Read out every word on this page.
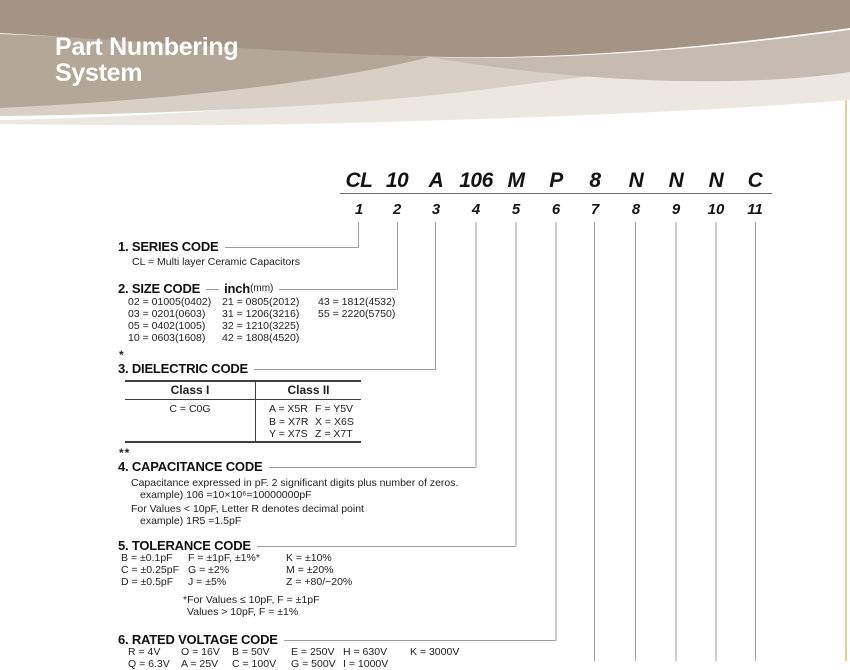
Part Numbering
System
CL 10 A 106 M P 8 N N N C
1 2 3 4 5 6 7 8 9 10 11
1. SERIES CODE
CL = Multi layer Ceramic Capacitors
2. SIZE CODE inch (mm)
02 = 01005(0402)
03 = 0201(0603)
05 = 0402(1005)
10 = 0603(1608)
21 = 0805(2012)
31 = 1206(3216)
32 = 1210(3225)
42 = 1808(4520)
43 = 1812(4532)
55 = 2220(5750)
*
3. DIELECTRIC CODE
Class I	Class II
C = C0G	A = X5R F = Y5V
B = X7R X = X6S
Y = X7S Z = X7T
**
4. CAPACITANCE CODE
Capacitance expressed in pF. 2 significant digits plus number of zeros.
example) 106 =10×10⁶=10000000pF
For Values < 10pF, Letter R denotes decimal point
example) 1R5 =1.5pF
5. TOLERANCE CODE
B = ±0.1pF
C = ±0.25pF
D = ±0.5pF
F = ±1pF, ±1%*
G = ±2%
J = ±5%
K = ±10%
M = ±20%
Z = +80/−20%
*For Values ≤ 10pF, F = ±1pF
Values > 10pF, F = ±1%
6. RATED VOLTAGE CODE
R = 4V O = 16V B = 50V E = 250V H = 630V K = 3000V
Q = 6.3V A = 25V C = 100V G = 500V I = 1000V
